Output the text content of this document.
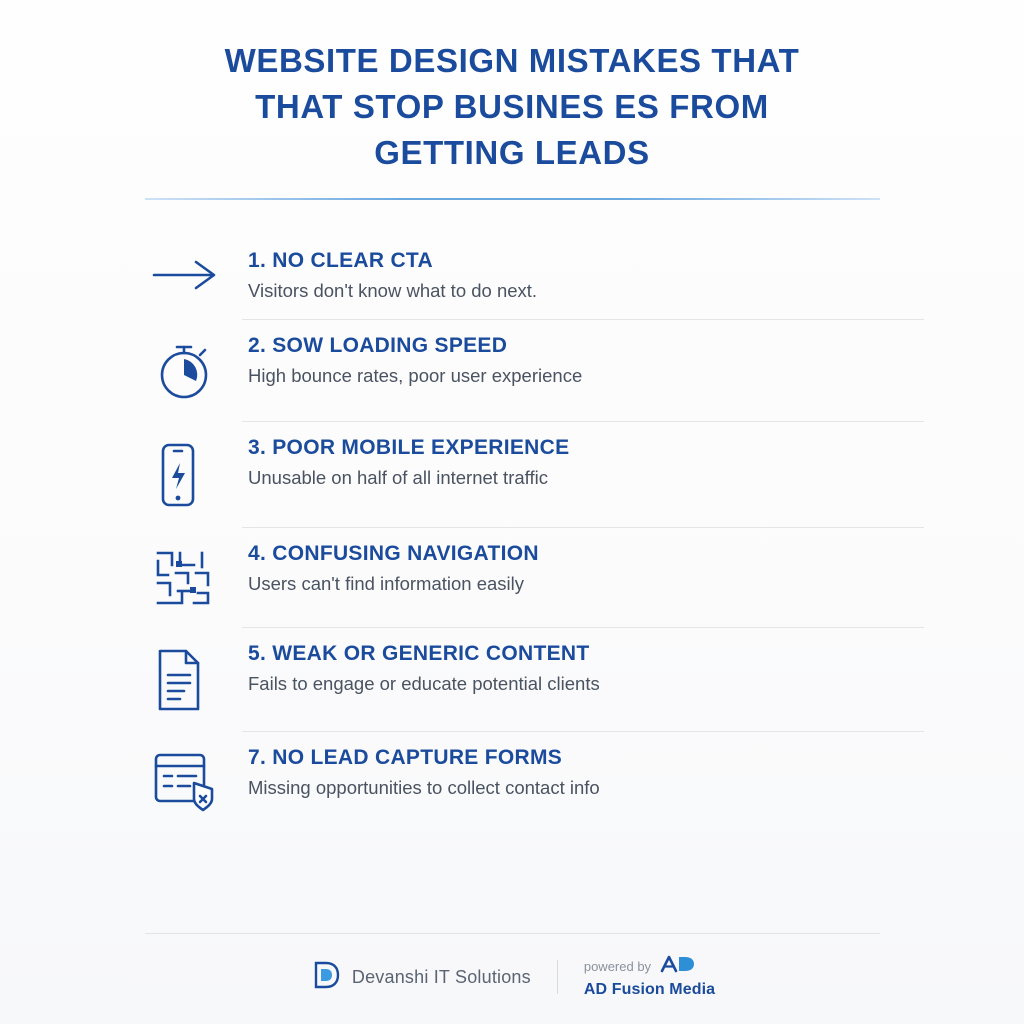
WEBSITE DESIGN MISTAKES THAT
THAT STOP BUSINES ES FROM
GETTING LEADS

1. NO CLEAR CTA

Visitors don't know what to do next.

2. SOW LOADING SPEED

High bounce rates, poor user experience

3. POOR MOBILE EXPERIENCE

Unusable on half of all internet traffic

4. CONFUSING NAVIGATION

Users can't find information easily

5. WEAK OR GENERIC CONTENT

Fails to engage or educate potential clients

7. NO LEAD CAPTURE FORMS

Missing opportunities to collect contact info

Devanshi IT Solutions
powered by
AD Fusion Media
